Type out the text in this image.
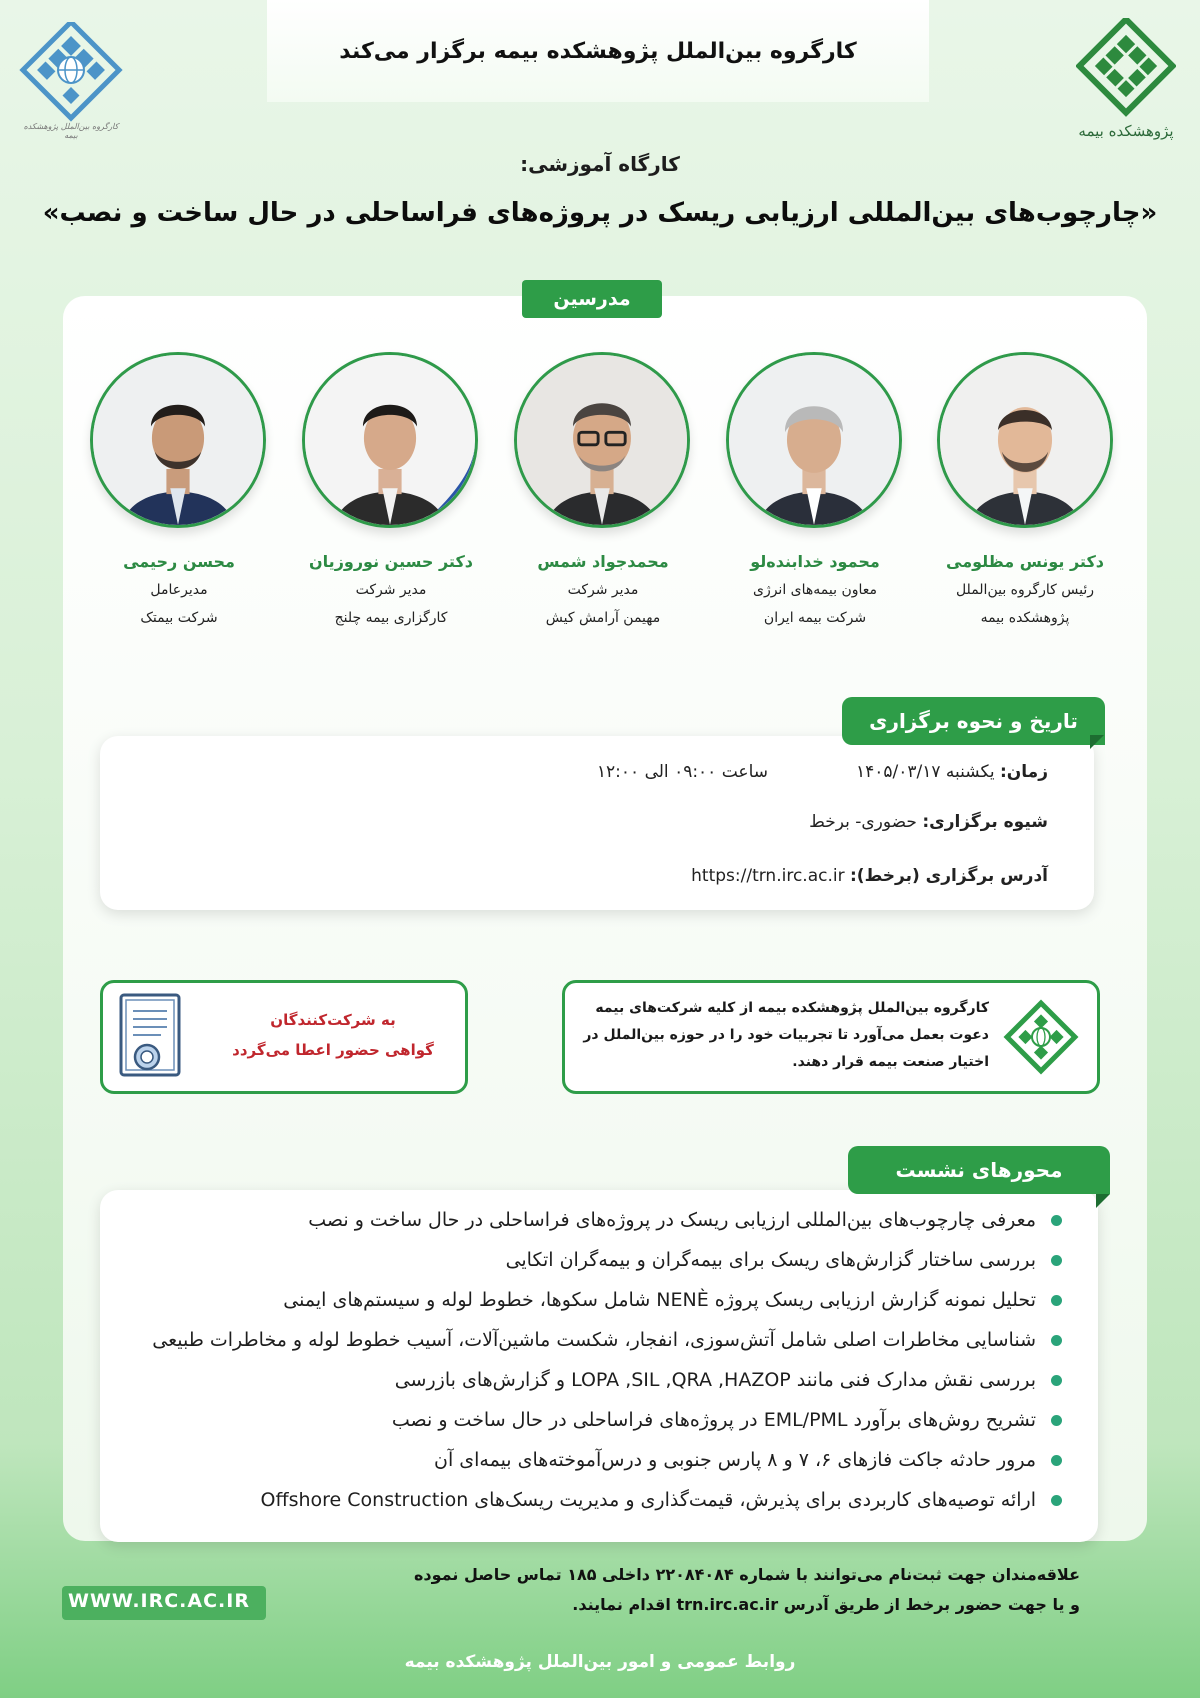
کارگروه بین‌الملل پژوهشکده بیمه برگزار می‌کند
کارگروه بین‌الملل پژوهشکده بیمه	پژوهشکده بیمه
کارگاه آموزشی:
«چارچوب‌های بین‌المللی ارزیابی ریسک در پروژه‌های فراساحلی در حال ساخت و نصب»
مدرسین
دکتر یونس مظلومی
رئیس کارگروه بین‌الملل
پژوهشکده بیمه
محمود خدابنده‌لو
معاون بیمه‌های انرژی
شرکت بیمه ایران
محمدجواد شمس
مدیر شرکت
مهیمن آرامش کیش
دکتر حسین نوروزیان
مدیر شرکت
کارگزاری بیمه چلنج
محسن رحیمی
مدیرعامل
شرکت بیمتک
تاریخ و نحوه برگزاری
زمان: یکشنبه ۱۴۰۵/۰۳/۱۷
ساعت ۰۹:۰۰ الی ۱۲:۰۰
شیوه برگزاری: حضوری- برخط
آدرس برگزاری (برخط): https://trn.irc.ac.ir
به شرکت‌کنندگان
گواهی حضور اعطا می‌گردد
کارگروه بین‌الملل پژوهشکده بیمه از کلیه شرکت‌های بیمه
دعوت بعمل می‌آورد تا تجربیات خود را در حوزه بین‌الملل در
اختیار صنعت بیمه قرار دهند.
محورهای نشست
معرفی چارچوب‌های بین‌المللی ارزیابی ریسک در پروژه‌های فراساحلی در حال ساخت و نصب
بررسی ساختار گزارش‌های ریسک برای بیمه‌گران و بیمه‌گران اتکایی
تحلیل نمونه گزارش ارزیابی ریسک پروژه NENÈ شامل سکوها، خطوط لوله و سیستم‌های ایمنی
شناسایی مخاطرات اصلی شامل آتش‌سوزی، انفجار، شکست ماشین‌آلات، آسیب خطوط لوله و مخاطرات طبیعی
بررسی نقش مدارک فنی مانند LOPA ,SIL ,QRA ,HAZOP و گزارش‌های بازرسی
تشریح روش‌های برآورد EML/PML در پروژه‌های فراساحلی در حال ساخت و نصب
مرور حادثه جاکت فازهای ۶، ۷ و ۸ پارس جنوبی و درس‌آموخته‌های بیمه‌ای آن
ارائه توصیه‌های کاربردی برای پذیرش، قیمت‌گذاری و مدیریت ریسک‌های Offshore Construction
علاقه‌مندان جهت ثبت‌نام می‌توانند با شماره ۲۲۰۸۴۰۸۴ داخلی ۱۸۵ تماس حاصل نموده
و یا جهت حضور برخط از طریق آدرس trn.irc.ac.ir اقدام نمایند.
WWW.IRC.AC.IR
روابط عمومی و امور بین‌الملل پژوهشکده بیمه
